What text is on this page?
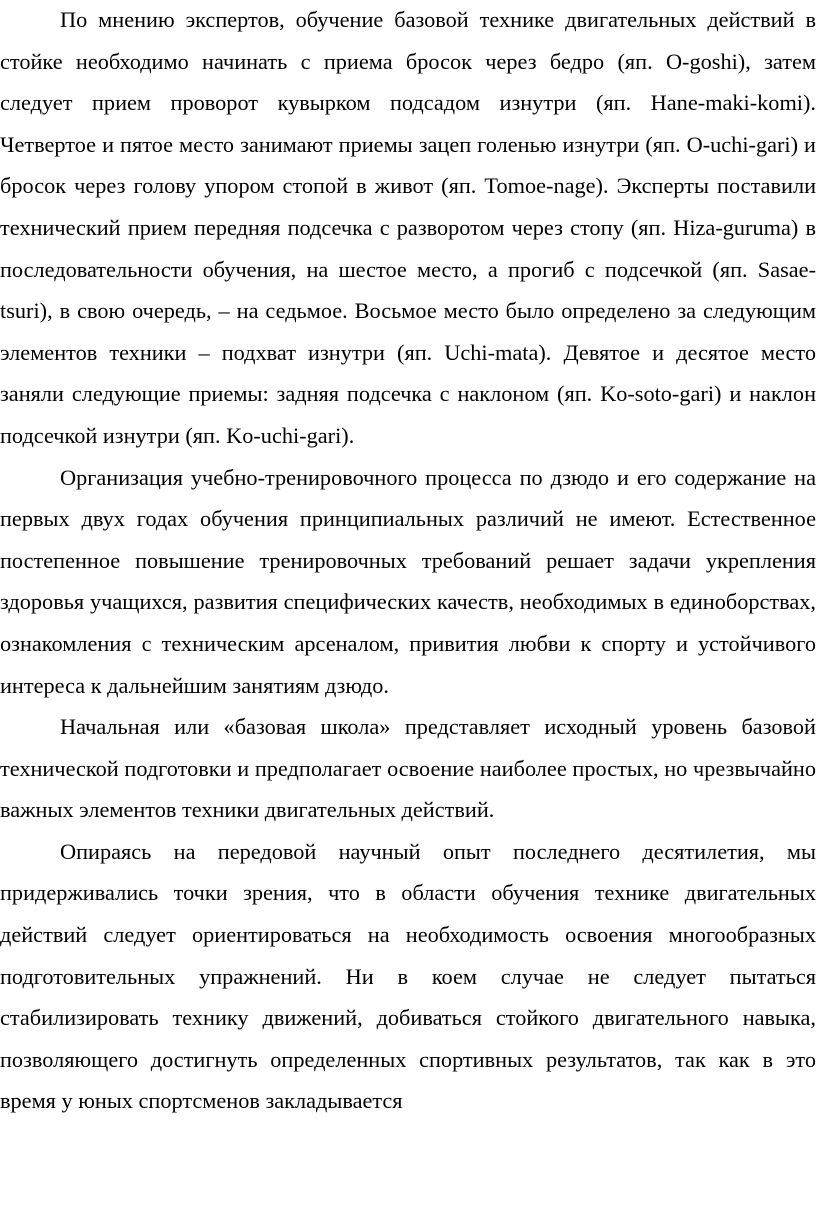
По мнению экспертов, обучение базовой технике двигательных действий в стойке необходимо начинать с приема бросок через бедро (яп. O-goshi), затем следует прием проворот кувырком подсадом изнутри (яп. Hane-maki-komi). Четвертое и пятое место занимают приемы зацеп голенью изнутри (яп. O-uchi-gari) и бросок через голову упором стопой в живот (яп. Tomoe-nage). Эксперты поставили технический прием передняя подсечка с разворотом через стопу (яп. Hiza-guruma) в последовательности обучения, на шестое место, а прогиб с подсечкой (яп. Sasae-tsuri), в свою очередь, – на седьмое. Восьмое место было определено за следующим элементов техники – подхват изнутри (яп. Uchi-mata). Девятое и десятое место заняли следующие приемы: задняя подсечка с наклоном (яп. Ko-soto-gari) и наклон подсечкой изнутри (яп. Ko-uchi-gari).

Организация учебно-тренировочного процесса по дзюдо и его содержание на первых двух годах обучения принципиальных различий не имеют. Естественное постепенное повышение тренировочных требований решает задачи укрепления здоровья учащихся, развития специфических качеств, необходимых в единоборствах, ознакомления с техническим арсеналом, привития любви к спорту и устойчивого интереса к дальнейшим занятиям дзюдо.

Начальная или «базовая школа» представляет исходный уровень базовой технической подготовки и предполагает освоение наиболее простых, но чрезвычайно важных элементов техники двигательных действий.

Опираясь на передовой научный опыт последнего десятилетия, мы придерживались точки зрения, что в области обучения технике двигательных действий следует ориентироваться на необходимость освоения многообразных подготовительных упражнений. Ни в коем случае не следует пытаться стабилизировать технику движений, добиваться стойкого двигательного навыка, позволяющего достигнуть определенных спортивных результатов, так как в это время у юных спортсменов закладывается
